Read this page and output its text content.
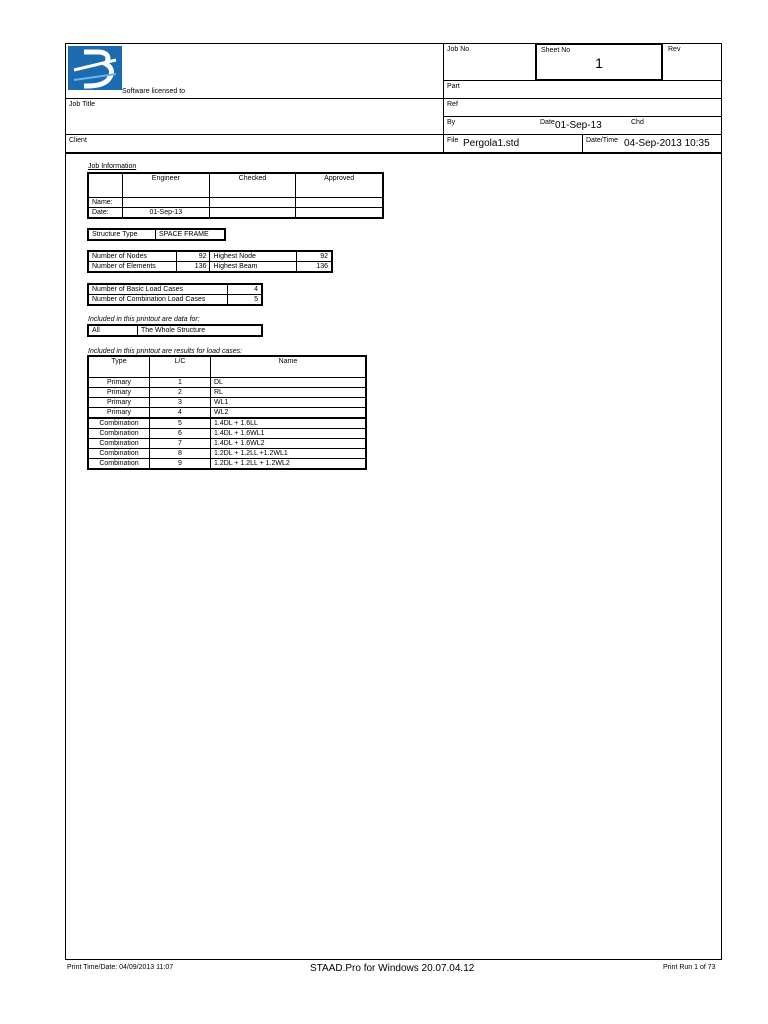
Software licensed to
Job No	Sheet No
1
Rev
Part
Job Title	Ref
By	Date 01-Sep-13	Chd
Client	File Pergola1.std	Date/Time 04-Sep-2013 10:35
Job Information
	Engineer	Checked	Approved
Name:			
Date:	01-Sep-13		
Structure Type	SPACE FRAME
Number of Nodes	92	Highest Node	92
Number of Elements	136	Highest Beam	136
Number of Basic Load Cases	4
Number of Combination Load Cases	5
Included in this printout are data for:
All	The Whole Structure
Included in this printout are results for load cases:
Type	L/C	Name
Primary	1	DL
Primary	2	RL
Primary	3	WL1
Primary	4	WL2
Combination	5	1.4DL + 1.6LL
Combination	6	1.4DL + 1.6WL1
Combination	7	1.4DL + 1.6WL2
Combination	8	1.2DL + 1.2LL +1.2WL1
Combination	9	1.2DL + 1.2LL + 1.2WL2
Print Time/Date: 04/09/2013 11:07	STAAD.Pro for Windows 20.07.04.12	Print Run 1 of 73
